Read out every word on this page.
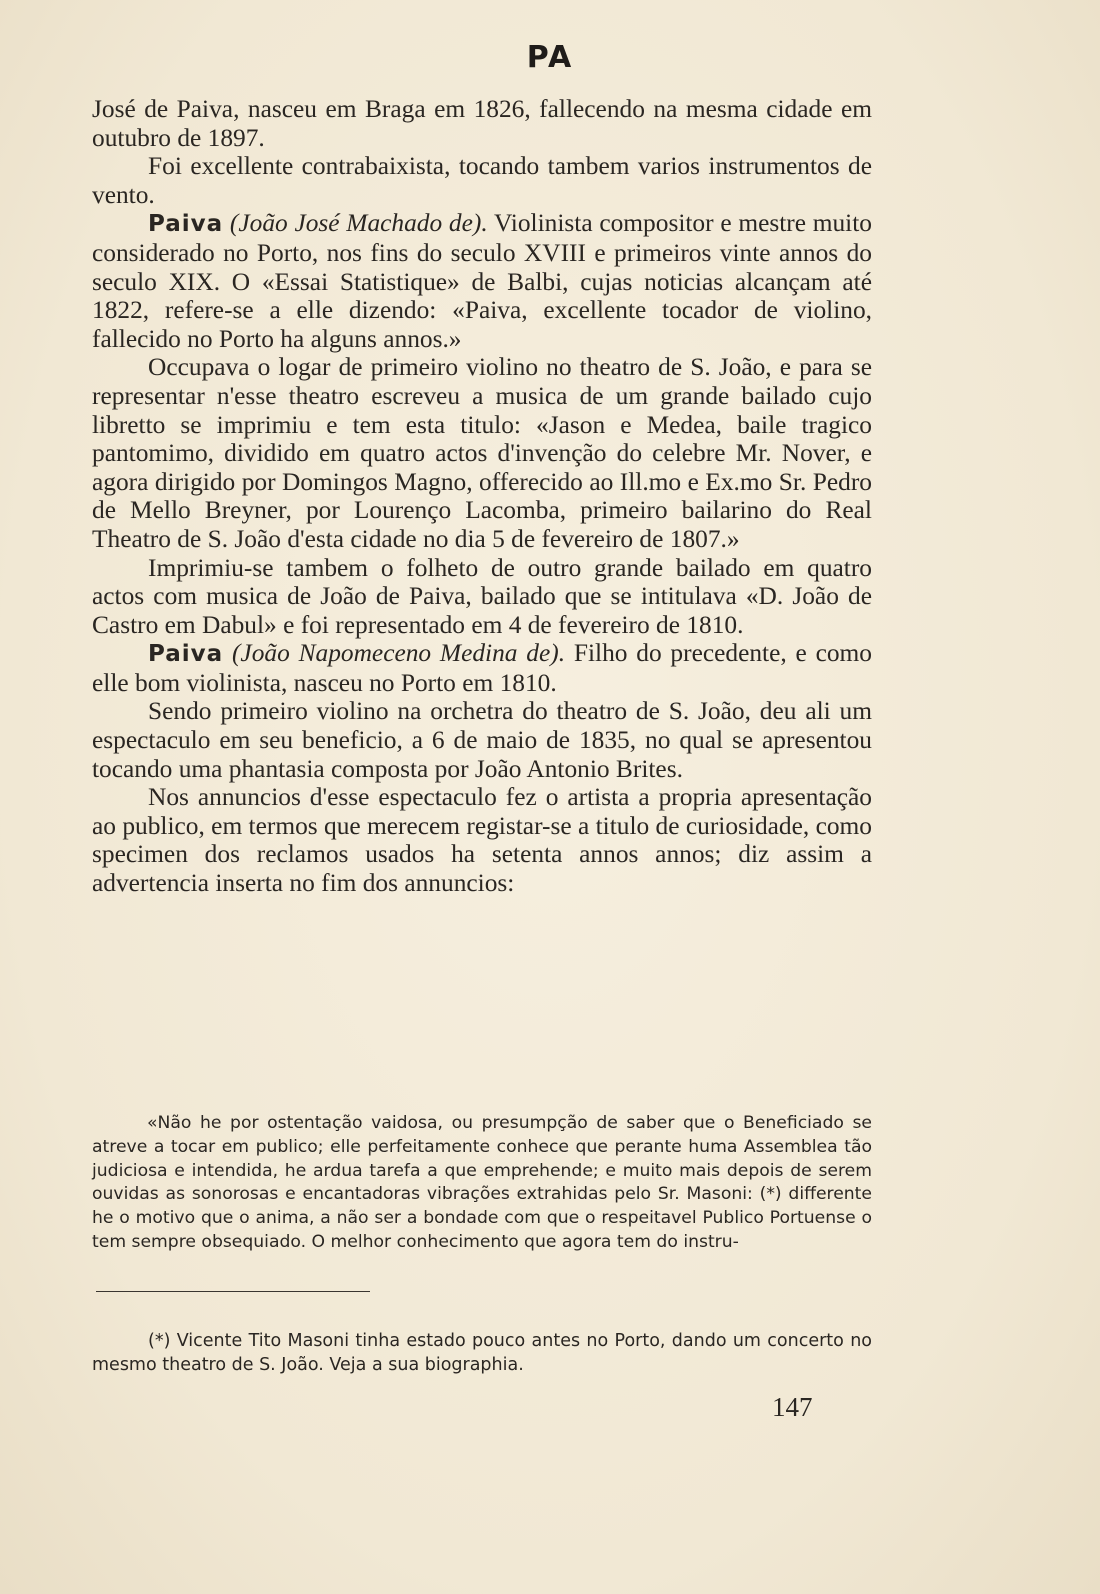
PA

José de Paiva, nasceu em Braga em 1826, fallecendo na mesma cidade em outubro de 1897.

Foi excellente contrabaixista, tocando tambem varios instrumentos de vento.

Paiva (João José Machado de). Violinista compositor e mestre muito considerado no Porto, nos fins do seculo XVIII e primeiros vinte annos do seculo XIX. O «Essai Statistique» de Balbi, cujas noticias alcançam até 1822, refere-se a elle dizendo: «Paiva, excellente tocador de violino, fallecido no Porto ha alguns annos.»

Occupava o logar de primeiro violino no theatro de S. João, e para se representar n'esse theatro escreveu a musica de um grande bailado cujo libretto se imprimiu e tem esta titulo: «Jason e Medea, baile tragico pantomimo, dividido em quatro actos d'invenção do celebre Mr. Nover, e agora dirigido por Domingos Magno, offerecido ao Ill.mo e Ex.mo Sr. Pedro de Mello Breyner, por Lourenço Lacomba, primeiro bailarino do Real Theatro de S. João d'esta cidade no dia 5 de fevereiro de 1807.»

Imprimiu-se tambem o folheto de outro grande bailado em quatro actos com musica de João de Paiva, bailado que se intitulava «D. João de Castro em Dabul» e foi representado em 4 de fevereiro de 1810.

Paiva (João Napomeceno Medina de). Filho do precedente, e como elle bom violinista, nasceu no Porto em 1810.

Sendo primeiro violino na orchetra do theatro de S. João, deu ali um espectaculo em seu beneficio, a 6 de maio de 1835, no qual se apresentou tocando uma phantasia composta por João Antonio Brites.

Nos annuncios d'esse espectaculo fez o artista a propria apresentação ao publico, em termos que merecem registar-se a titulo de curiosidade, como specimen dos reclamos usados ha setenta annos annos; diz assim a advertencia inserta no fim dos annuncios:

«Não he por ostentação vaidosa, ou presumpção de saber que o Beneficiado se atreve a tocar em publico; elle perfeitamente conhece que perante huma Assemblea tão judiciosa e intendida, he ardua tarefa a que emprehende; e muito mais depois de serem ouvidas as sonorosas e encantadoras vibrações extrahidas pelo Sr. Masoni: (*) differente he o motivo que o anima, a não ser a bondade com que o respeitavel Publico Portuense o tem sempre obsequiado. O melhor conhecimento que agora tem do instru-

(*) Vicente Tito Masoni tinha estado pouco antes no Porto, dando um concerto no mesmo theatro de S. João. Veja a sua biographia.

147
